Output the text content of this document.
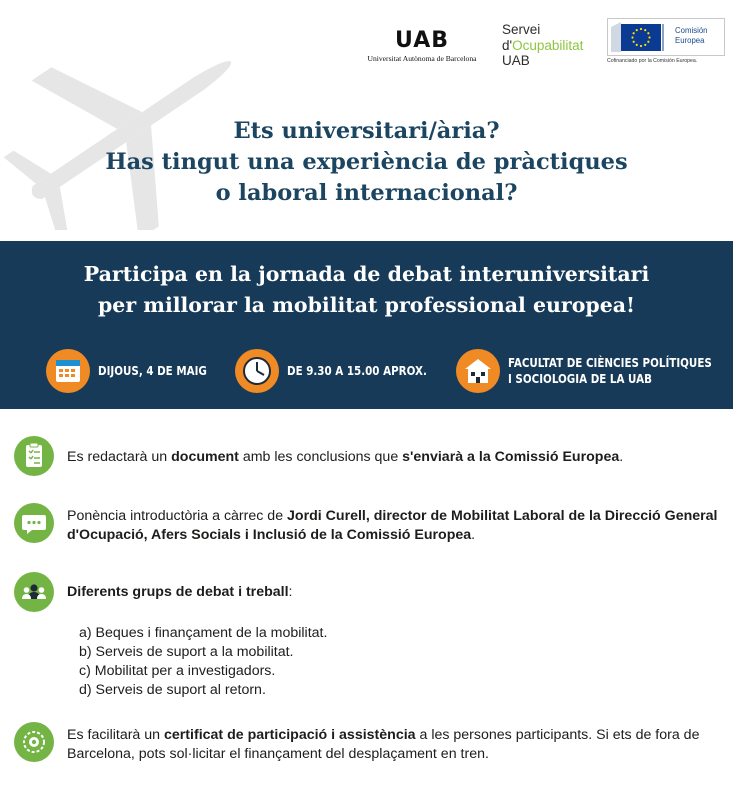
UAB
Universitat Autònoma de Barcelona
Servei
d'Ocupabilitat
UAB
Comisión
Europea
Cofinanciado por la Comisión Europea.
Ets universitari/ària?
Has tingut una experiència de pràctiques
o laboral internacional?
Participa en la jornada de debat interuniversitari
per millorar la mobilitat professional europea!
DIJOUS, 4 DE MAIG	DE 9.30 A 15.00 APROX.
FACULTAT DE CIÈNCIES POLÍTIQUES
I SOCIOLOGIA DE LA UAB
Es redactarà un document amb les conclusions que s'enviarà a la Comissió Europea.
Ponència introductòria a càrrec de Jordi Curell, director de Mobilitat Laboral de la Direcció General d'Ocupació, Afers Socials i Inclusió de la Comissió Europea.
Diferents grups de debat i treball:
a) Beques i finançament de la mobilitat.
b) Serveis de suport a la mobilitat.
c) Mobilitat per a investigadors.
d) Serveis de suport al retorn.
Es facilitarà un certificat de participació i assistència a les persones participants. Si ets de fora de Barcelona, pots sol·licitar el finançament del desplaçament en tren.
